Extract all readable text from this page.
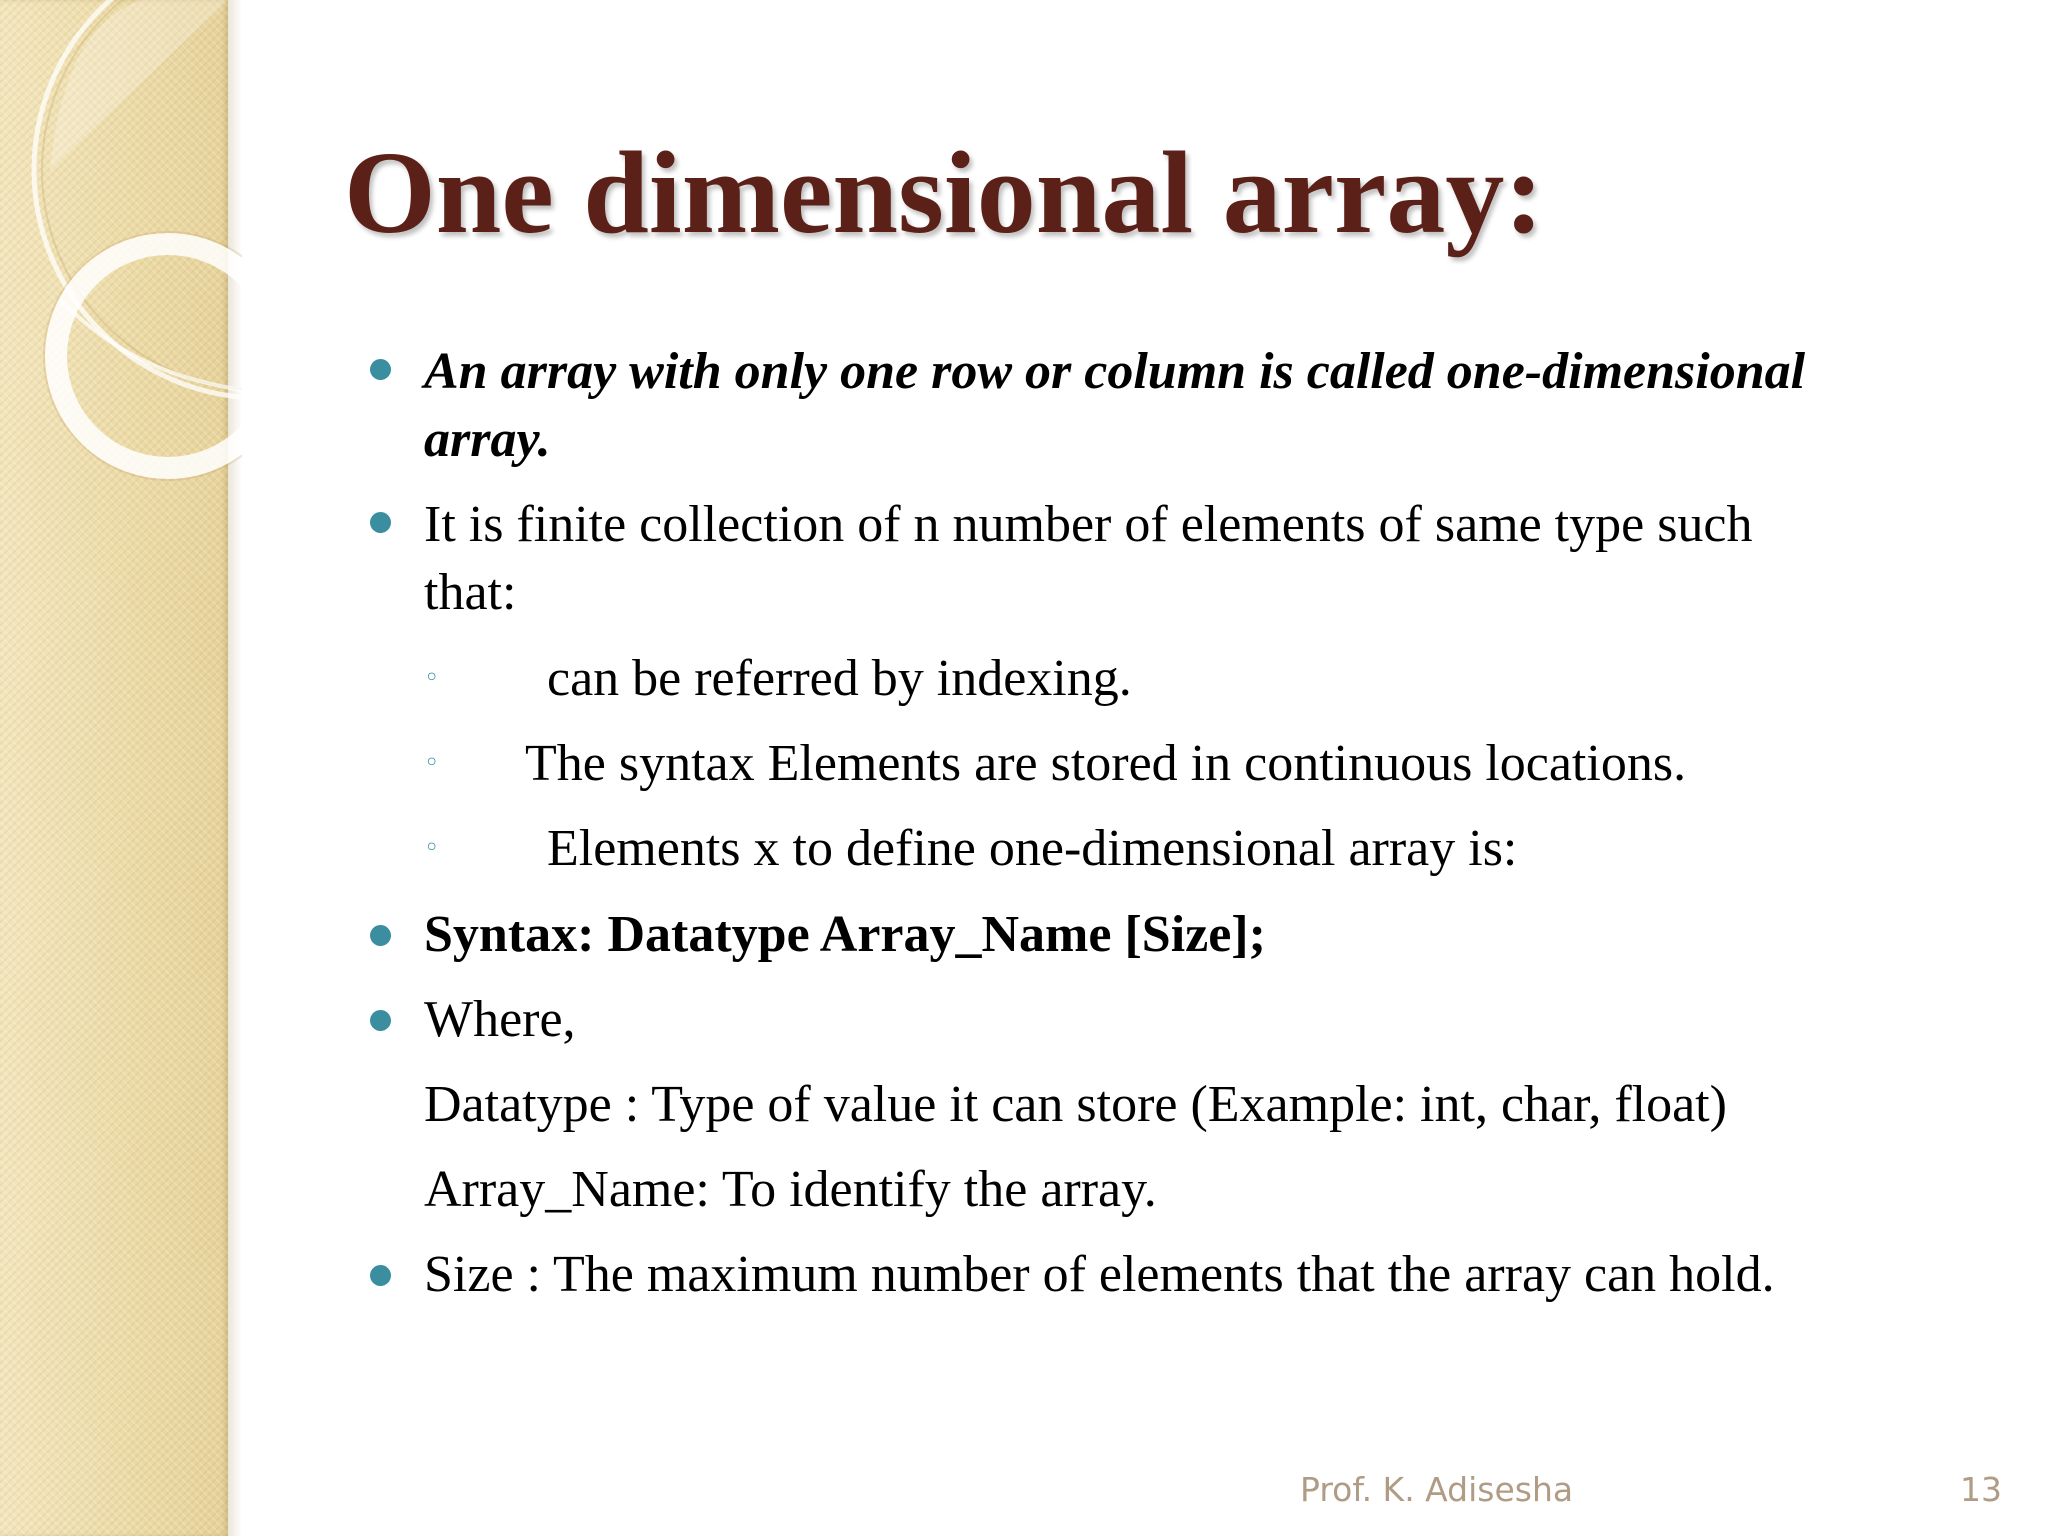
One dimensional array:
An array with only one row or column is called one-dimensional
array.
It is finite collection of n number of elements of same type such
that:
◦ can be referred by indexing.
◦ The syntax Elements are stored in continuous locations.
◦ Elements x to define one-dimensional array is:
Syntax: Datatype Array_Name [Size];
Where,
Datatype : Type of value it can store (Example: int, char, float)
Array_Name: To identify the array.
Size : The maximum number of elements that the array can hold.
Prof. K. Adisesha	13
